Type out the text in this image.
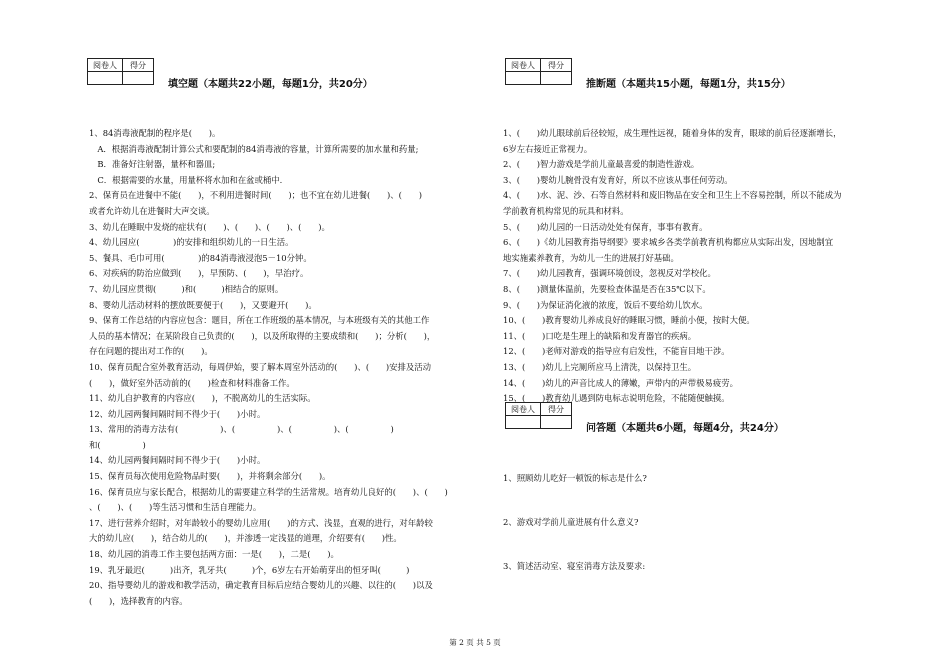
阅卷人	得分

填空题（本题共22小题，每题1分，共20分）

1、84消毒液配制的程序是(　　)。

　A．根据消毒液配制计算公式和要配制的84消毒液的容量，计算所需要的加水量和药量;

　B．准备好注射器，量杯和器皿;

　C．根据需要的水量，用量杯将水加和在盆或桶中.

2、保育员在进餐中不能(　　)，不利用进餐时间(　　)；也不宜在幼儿进餐(　　)、(　　)

或者允许幼儿在进餐时大声交谈。

3、幼儿在睡眠中发烧的症状有(　　)、(　　)、(　　)、(　　)。

4、幼儿园应(　　　　)的安排和组织幼儿的一日生活。

5、餐具、毛巾可用(　　　　)的84消毒液浸泡5－10分钟。

6、对疾病的防治应做到(　　)，早预防、(　　)，早治疗。

7、幼儿园应贯彻(　　　)和(　　　)相结合的原则。

8、婴幼儿活动材料的摆放既要便于(　　)，又要避开(　　)。

9、保育工作总结的内容应包含：题目，所在工作班级的基本情况，与本班级有关的其他工作

人员的基本情况；在某阶段自己负责的(　　)，以及所取得的主要成绩和(　　)；分析(　　)，

存在问题的提出对工作的(　　)。

10、保育员配合室外教育活动，每周伊始，要了解本周室外活动的(　　)、(　　)安排及活动

(　　)，做好室外活动前的(　　)检查和材料准备工作。

11、幼儿自护教育的内容应(　　)，不脱离幼儿的生活实际。

12、幼儿园两餐间隔时间不得少于(　　)小时。

13、常用的消毒方法有(　　　　　)、(　　　　　)、(　　　　　)、(　　　　　)

和(　　　　　)

14、幼儿园两餐间隔时间不得少于(　　)小时。

15、保育员每次使用危险物品时要(　　)，并将剩余部分(　　)。

16、保育员应与家长配合，根据幼儿的需要建立科学的生活常规。培育幼儿良好的(　　)、(　　)

、(　　)、(　　)等生活习惯和生活自理能力。

17、进行营养介绍时，对年龄较小的婴幼儿应用(　　)的方式、浅显，直观的进行，对年龄较

大的幼儿应(　　)，结合幼儿的(　　)，并渗透一定浅显的道理，介绍要有(　　)性。

18、幼儿园的消毒工作主要包括两方面：一是(　　)，二是(　　)。

19、乳牙最迟(　　　)出齐，乳牙共(　　　)个，6岁左右开始萌芽出的恒牙叫(　　　)

20、指导婴幼儿的游戏和教学活动，确定教育目标后应结合婴幼儿的兴趣、以往的(　　)以及

(　　)，选择教育的内容。

阅卷人	得分

推断题（本题共15小题，每题1分，共15分）

1、(　　)幼儿眼球前后径较短，成生理性远视，随着身体的发育，眼球的前后径逐渐增长，

6岁左右接近正常视力。

2、(　　)智力游戏是学前儿童最喜爱的制造性游戏。

3、(　　)婴幼儿腕骨没有发育好，所以不应该从事任何劳动。

4、(　　)水、泥、沙、石等自然材料和废旧物品在安全和卫生上不容易控制，所以不能成为

学前教育机构常见的玩具和材料。

5、(　　)幼儿园的一日活动处处有保育，事事有教育。

6、(　　)《幼儿园教育指导纲要》要求城乡各类学前教育机构都应从实际出发，因地制宜

地实施素养教育，为幼儿一生的进展打好基础。

7、(　　)幼儿园教育，强调环境创设，忽视反对学校化。

8、(　　)测量体温前，先要检查体温是否在35℃以下。

9、(　　)为保证消化液的浓度，饭后不要给幼儿饮水。

10、(　　)教育婴幼儿养成良好的睡眠习惯，睡前小便，按时大便。

11、(　　)口吃是生理上的缺陷和发育器官的疾病。

12、(　　)老师对游戏的指导应有启发性，不能盲目地干涉。

13、(　　)幼儿上完厕所应马上清洗，以保持卫生。

14、(　　)幼儿的声音比成人的薄嫩，声带内的声带极易疲劳。

15、(　　)教育幼儿遇到防电标志说明危险，不能随便触摸。

阅卷人	得分

问答题（本题共6小题，每题4分，共24分）
1、照顾幼儿吃好一顿饭的标志是什么?
2、游戏对学前儿童进展有什么意义?
3、简述活动室、寝室消毒方法及要求:
第 2 页 共 5 页
